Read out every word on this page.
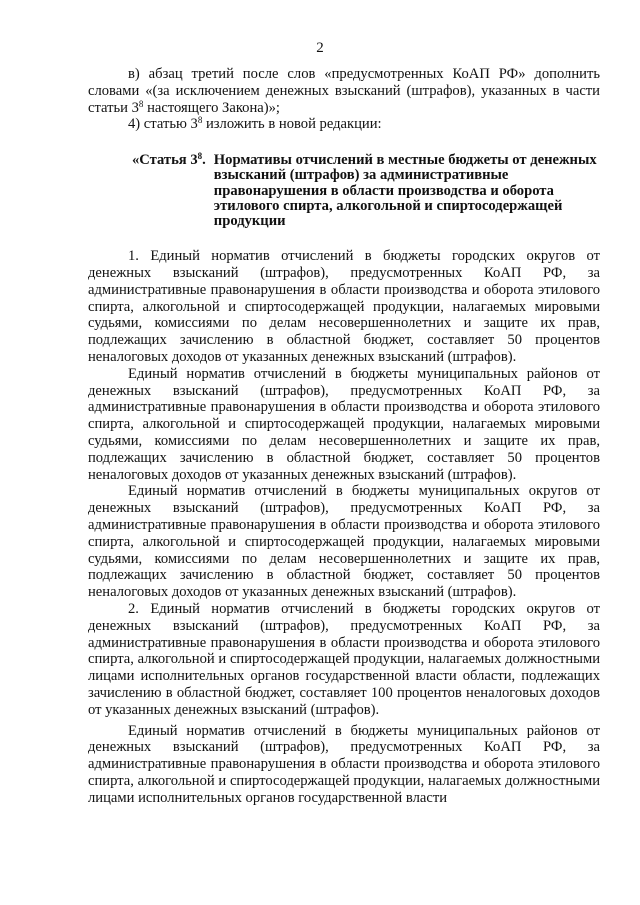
2

в) абзац третий после слов «предусмотренных КоАП РФ» дополнить словами «(за исключением денежных взысканий (штрафов), указанных в части статьи $3^8$ настоящего Закона)»;

4) статью $3^8$ изложить в новой редакции:

«Статья $3^8$. Нормативы отчислений в местные бюджеты от денежных взысканий (штрафов) за административные правонарушения в области производства и оборота этилового спирта, алкогольной и спиртосодержащей продукции

1. Единый норматив отчислений в бюджеты городских округов от денежных взысканий (штрафов), предусмотренных КоАП РФ, за административные правонарушения в области производства и оборота этилового спирта, алкогольной и спиртосодержащей продукции, налагаемых мировыми судьями, комиссиями по делам несовершеннолетних и защите их прав, подлежащих зачислению в областной бюджет, составляет 50 процентов неналоговых доходов от указанных денежных взысканий (штрафов).

Единый норматив отчислений в бюджеты муниципальных районов от денежных взысканий (штрафов), предусмотренных КоАП РФ, за административные правонарушения в области производства и оборота этилового спирта, алкогольной и спиртосодержащей продукции, налагаемых мировыми судьями, комиссиями по делам несовершеннолетних и защите их прав, подлежащих зачислению в областной бюджет, составляет 50 процентов неналоговых доходов от указанных денежных взысканий (штрафов).

Единый норматив отчислений в бюджеты муниципальных округов от денежных взысканий (штрафов), предусмотренных КоАП РФ, за административные правонарушения в области производства и оборота этилового спирта, алкогольной и спиртосодержащей продукции, налагаемых мировыми судьями, комиссиями по делам несовершеннолетних и защите их прав, подлежащих зачислению в областной бюджет, составляет 50 процентов неналоговых доходов от указанных денежных взысканий (штрафов).

2. Единый норматив отчислений в бюджеты городских округов от денежных взысканий (штрафов), предусмотренных КоАП РФ, за административные правонарушения в области производства и оборота этилового спирта, алкогольной и спиртосодержащей продукции, налагаемых должностными лицами исполнительных органов государственной власти области, подлежащих зачислению в областной бюджет, составляет 100 процентов неналоговых доходов от указанных денежных взысканий (штрафов).

Единый норматив отчислений в бюджеты муниципальных районов от денежных взысканий (штрафов), предусмотренных КоАП РФ, за административные правонарушения в области производства и оборота этилового спирта, алкогольной и спиртосодержащей продукции, налагаемых должностными лицами исполнительных органов государственной власти
